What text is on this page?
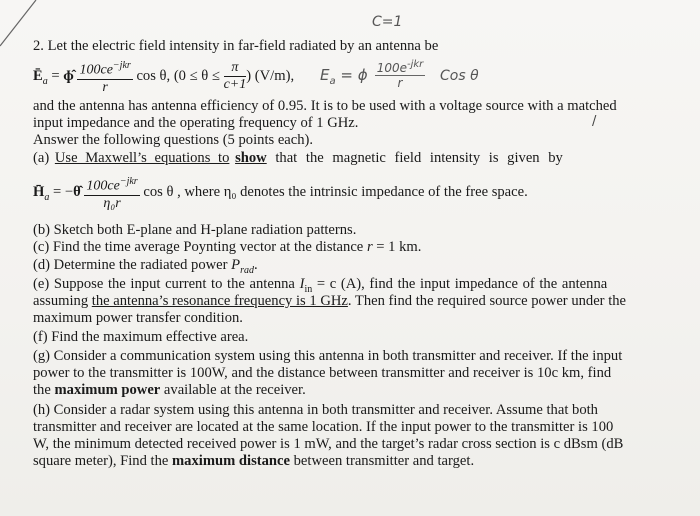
C=1
2. Let the electric field intensity in far-field radiated by an antenna be
$Ē_a$ = ɸ̂ $\frac{100ce^{-jkr}}{r}$ cos θ, ($0 \le \theta \le \frac{\pi}{c+1}$ ) (V/m), $E_a$ = ɸ $100e^{-jkr}$
r	Cos θ
and the antenna has antenna efficiency of 0.95. It is to be used with a voltage source with a matched
input impedance and the operating frequency of 1 GHz.	/
Answer the following questions (5 points each).
(a) Use Maxwell’s equations to show that the magnetic field intensity is given by
$H̄_a$ = −θ̂ $\frac{100ce^{-jkr}}{\text{η₀r}}$ cos θ , where η₀ denotes the intrinsic impedance of the free space.
(b) Sketch both E-plane and H-plane radiation patterns.
(c) Find the time average Poynting vector at the distance r = 1 km.
(d) Determine the radiated power $P_{rad}$.
(e) Suppose the input current to the antenna $I_{in} = c$ (A), find the input impedance of the antenna
assuming the antenna’s resonance frequency is 1 GHz. Then find the required source power under the
maximum power transfer condition.
(f) Find the maximum effective area.
(g) Consider a communication system using this antenna in both transmitter and receiver. If the input
power to the transmitter is 100W, and the distance between transmitter and receiver is 10c km, find
the maximum power available at the receiver.
(h) Consider a radar system using this antenna in both transmitter and receiver. Assume that both
transmitter and receiver are located at the same location. If the input power to the transmitter is 100
W, the minimum detected received power is 1 mW, and the target’s radar cross section is c dBsm (dB
square meter), Find the maximum distance between transmitter and target.
